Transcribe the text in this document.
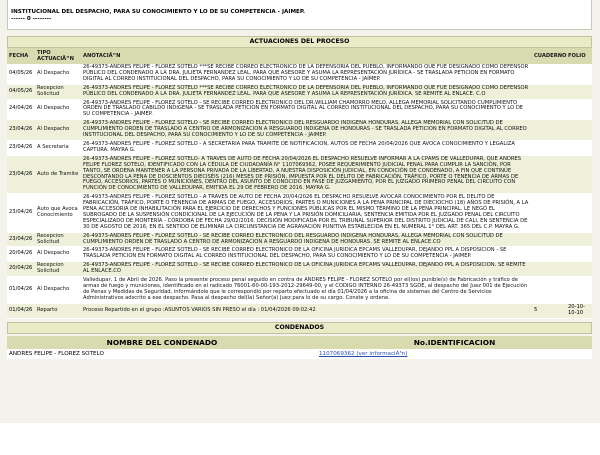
INSTITUCIONAL DEL DESPACHO, PARA SU CONOCIMIENTO Y LO DE SU COMPETENCIA - JAIMEP.
------ 0 --------
ACTUACIONES DEL PROCESO
FECHA	TIPO ACTUACIÃ“N	ANOTACIÃ“N	CUADERNO	FOLIO
04/05/26	Al Despacho	26-49373-ANDRES FELIPE - FLOREZ SOTELO ***SE RECIBE CORREO ELECTRÓNICO DE LA DEFENSORÍA DEL PUEBLO, INFORMANDO QUE FUE DESIGNADO COMO DEFENSOR PÚBLICO DEL CONDENADO A LA DRA. JULIETA FERNANDEZ LEAL. PARA QUE ASESORE Y ASUMA LA REPRESENTACIÓN JURÍDICA - SE TRASLADA PETICION EN FORMATO DIGITAL AL CORREO INSTITUCIONAL DEL DESPACHO, PARA SU CONOCIMIENTO Y LO DE SU COMPETENCIA - JAIMEP.		
04/05/26	Recepcion Solicitud	26-49373-ANDRES FELIPE - FLOREZ SOTELO ***SE RECIBE CORREO ELECTRÓNICO DE LA DEFENSORÍA DEL PUEBLO, INFORMANDO QUE FUE DESIGNADO COMO DEFENSOR PÚBLICO DEL CONDENADO A LA DRA. JULIETA FERNANDEZ LEAL. PARA QUE ASESORE Y ASUMA LA REPRESENTACIÓN JURÍDICA. SE REMITE AL ENLACE. C.O		
24/04/26	Al Despacho	26-49373-ANDRES FELIPE - FLOREZ SOTELO - SE RECIBE CORREO ELECTRONICO DEL DR.WILLIAM CHAMORRO MELO, ALLEGA MEMORIAL SOLICITANDO CUMPLIMIENTO ORDEN DE TRASLADO CABILDO INDIGENA - SE TRASLADA PETICION EN FORMATO DIGITAL AL CORREO INSTITUCIONAL DEL DESPACHO, PARA SU CONOCIMIENTO Y LO DE SU COMPETENCIA - JAIMEP.		
23/04/26	Al Despacho	26-49373-ANDRES FELIPE - FLOREZ SOTELO - SE RECIBE CORREO ELECTRONICO DEL RESGUARDO INDIGENA HONDURAS, ALLEGA MEMORIAL CON SOLICITUD DE CUMPLIMIENTO ORDEN DE TRASLADO A CENTRO DE ARMONIZACION A RESGUARDO INDIGENA DE HONDURAS - SE TRASLADA PETICION EN FORMATO DIGITAL AL CORREO INSTITUCIONAL DEL DESPACHO, PARA SU CONOCIMIENTO Y LO DE SU COMPETENCIA - JAIMEP.		
23/04/26	A Secretaria	26-49373-ANDRES FELIPE - FLOREZ SOTELO - A SECRETARÍA PARA TRÁMITE DE NOTIFICACIÓN, AUTOS DE FECHA 20/04/2026 QUE AVOCA CONOCIMIENTO Y LEGALIZA CAPTURA. MAYRA G.		
23/04/26	Auto de Tramite	26-49373-ANDRES FELIPE - FLOREZ SOTELO- A TRAVÉS DE AUTO DE FECHA 20/04/2026 EL DESPACHO RESUELVE INFORMAR A LA CPAMS DE VALLEDUPAR, QUE ANDRES FELIPE FLOREZ SOTELO, IDENTIFICADO CON LA CÉDULA DE CIUDADANÍA N° 1107069362, POSEE REQUERIMIENTO JUDICIAL PENAL PARA CUMPLIR LA SANCIÓN, POR TANTO, SE ORDENA MANTENER A LA PERSONA PRIVADA DE LA LIBERTAD, A NUESTRA DISPOSICIÓN JUDICIAL, EN CONDICIÓN DE CONDENADO, A FIN QUE CONTINÚE DESCONTANDO LA PENA DE DOSCIENTOS DIECISÉIS (216) MESES DE PRISIÓN, IMPUESTA POR EL DELITO DE FABRICACIÓN, TRÁFICO, PORTE O TENENCIA DE ARMAS DE FUEGO, ACCESORIOS, PARTES O MUNICIONES, DENTRO DEL ASUNTO DE CONOCIDO EN FASE DE JUZGAMIENTO, POR EL JUZGADO PRIMERO PENAL DEL CIRCUITO CON FUNCIÓN DE CONOCIMIENTO DE VALLEDUPAR, EMITIDA EL 29 DE FEBRERO DE 2016. MAYRA G.		
23/04/26	Auto que Avoca Conocimiento	26-49373-ANDRES FELIPE - FLOREZ SOTELO - A TRAVÉS DE AUTO DE FECHA 20/04/2026 EL DESPACHO RESUELVE AVOCAR CONOCIMIENTO POR EL DELITO DE FABRICACIÓN, TRÁFICO, PORTE O TENENCIA DE ARMAS DE FUEGO, ACCESORIOS, PARTES O MUNICIONES A LA PENA PRINCIPAL DE DIECIOCHO (18) AÑOS DE PRISIÓN, A LA PENA ACCESORIA DE INHABILITACIÓN PARA EL EJERCICIO DE DERECHOS Y FUNCIONES PÚBLICAS POR EL MISMO TÉRMINO DE LA PENA PRINCIPAL. LE NEGÓ EL SUBROGADO DE LA SUSPENSIÓN CONDICIONAL DE LA EJECUCIÓN DE LA PENA Y LA PRISIÓN DOMICILIARIA, SENTENCIA EMITIDA POR EL JUZGADO PENAL DEL CIRCUITO ESPECIALIZADO DE MONTERÍA - CÓRDOBA DE FECHA 29/02/2016. DECISIÓN MODIFICADA POR EL TRIBUNAL SUPERIOR DEL DISTRITO JUDICIAL DE CALI, EN SENTENCIA DE 30 DE AGOSTO DE 2016, EN EL SENTIDO DE ELIMINAR LA CIRCUNSTANCIA DE AGRAVACIÓN PUNITIVA ESTABLECIDA EN EL NUMERAL 1° DEL ART. 365 DEL C.P. MAYRA G.		
23/04/26	Recepcion Solicitud	26-49373-ANDRES FELIPE - FLOREZ SOTELO - SE RECIBE CORREO ELECTRONICO DEL RESGUARDO INDIGENA HONDURAS, ALLEGA MEMORIAL CON SOLICITUD DE CUMPLIMIENTO ORDEN DE TRASLADO A CENTRO DE ARMONIZACION A RESGUARDO INDIGENA DE HONDURAS. SE REMITE AL ENLACE.CO		
20/04/26	Al Despacho	26-49373-ANDRES FELIPE - FLOREZ SOTELO - SE RECIBE CORREO ELECTRONICO DE LA OFICINA JURIDICA EPCAMS VALLEDUPAR, DEJANDO PPL A DISPOSICION - SE TRASLADA PETICION EN FORMATO DIGITAL AL CORREO INSTITUCIONAL DEL DESPACHO, PARA SU CONOCIMIENTO Y LO DE SU COMPETENCIA - JAIMEP.		
20/04/26	Recepcion Solicitud	26-49373-ANDRES FELIPE - FLOREZ SOTELO - SE RECIBE CORREO ELECTRONICO DE LA OFICINA JURIDICA EPCAMS VALLEDUPAR, DEJANDO PPL A DISPOSICION. SE REMITE AL ENLACE.CO		
01/04/26	Al Despacho	Valledupar, 1 de Abril de 2026. Paso la presente proceso penal seguido en contra de ANDRES FELIPE - FLOREZ SOTELO por el(los) punible(s) de Fabricación y tráfico de armas de fuego y municiones, identificado en el radicado 76001-60-00-193-2012-29649-00, y el CODIGO INTERNO 26-49373 SGDE, al despacho del Juez 001 de Ejecución de Penas y Medidas de Seguridad, informándole que le correspondió por reparto efectuado el día 01/04/2026 a la oficina de sistemas del Centro de Servicios Administrativos adscrito a ese despacho. Pasa al despacho del(la) Señor(a) Juez para lo de su cargo. Conste y ordene.		
01/04/26	Reparto	Proceso Repartido en el grupo :ASUNTOS VARIOS SIN PRESO el día : 01/04/2026 09:02:42	5	20-10-10-10
CONDENADOS
NOMBRE DEL CONDENADO	No.IDENTIFICACION
ANDRES FELIPE - FLOREZ SOTELO	1107069362 (ver informaciÃ³n)
